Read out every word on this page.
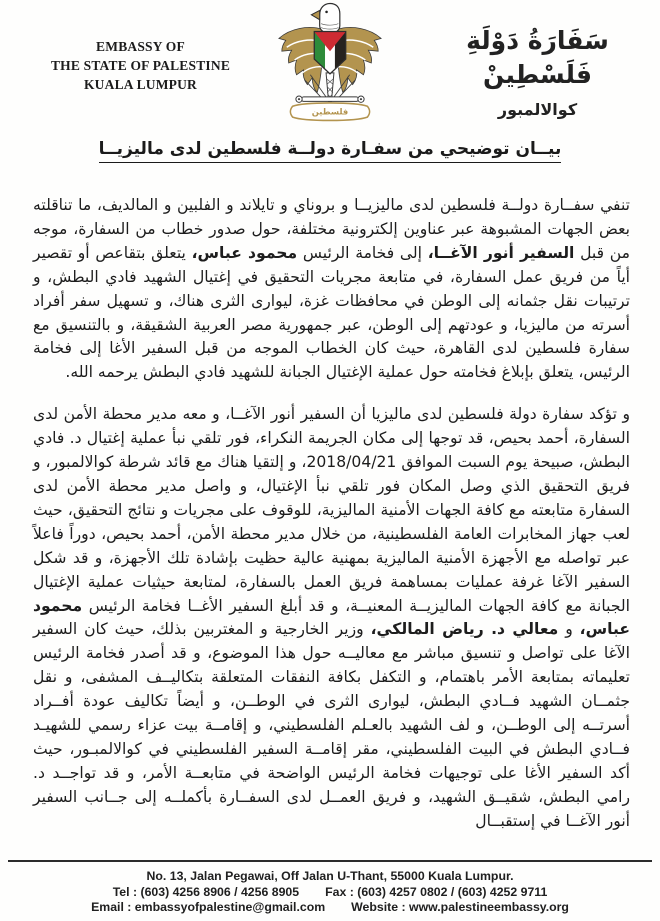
EMBASSY OF
THE STATE OF PALESTINE
KUALA LUMPUR
فلسطين
سَفَارَةُ دَوْلَةِ فَلَسْطِينْ
كوالالمبور
بيــان توضيحي من سفـارة دولــة فلسطين لدى ماليزيــا

تنفي سفــارة دولــة فلسطين لدى ماليزيــا و بروناي و تايلاند و الفلبين و المالديف، ما تناقلته بعض الجهات المشبوهة عبر عناوين إلكترونية مختلفة، حول صدور خطاب من السفارة، موجه من قبل السفير أنور الآغــا، إلى فخامة الرئيس محمود عباس، يتعلق بتقاعص أو تقصير أياً من فريق عمل السفارة، في متابعة مجريات التحقيق في إغتيال الشهيد فادي البطش، و ترتيبات نقل جثمانه إلى الوطن في محافظات غزة، ليوارى الثرى هناك، و تسهيل سفر أفراد أسرته من ماليزيا، و عودتهم إلى الوطن، عبر جمهورية مصر العربية الشقيقة، و بالتنسيق مع سفارة فلسطين لدى القاهرة، حيث كان الخطاب الموجه من قبل السفير الأغا إلى فخامة الرئيس، يتعلق بإبلاغ فخامته حول عملية الإغتيال الجبانة للشهيد فادي البطش يرحمه الله.

و تؤكد سفارة دولة فلسطين لدى ماليزيا أن السفير أنور الآغــا، و معه مدير محطة الأمن لدى السفارة، أحمد بحيص، قد توجها إلى مكان الجريمة النكراء، فور تلقي نبأ عملية إغتيال د. فادي البطش، صبيحة يوم السبت الموافق 2018/04/21، و إلتقيا هناك مع قائد شرطة كوالالمبور، و فريق التحقيق الذي وصل المكان فور تلقي نبأ الإغتيال، و واصل مدير محطة الأمن لدى السفارة متابعته مع كافة الجهات الأمنية الماليزية، للوقوف على مجريات و نتائج التحقيق، حيث لعب جهاز المخابرات العامة الفلسطينية، من خلال مدير محطة الأمن، أحمد بحيص، دوراً فاعلاً عبر تواصله مع الأجهزة الأمنية الماليزية بمهنية عالية حظيت بإشادة تلك الأجهزة، و قد شكل السفير الآغا غرفة عمليات بمساهمة فريق العمل بالسفارة، لمتابعة حيثيات عملية الإغتيال الجبانة مع كافة الجهات الماليزيــة المعنيــة، و قد أبلغ السفير الأغــا فخامة الرئيس محمود عباس، و معالي د. رياض المالكي، وزير الخارجية و المغتربين بذلك، حيث كان السفير الآغا على تواصل و تنسيق مباشر مع معاليــه حول هذا الموضوع، و قد أصدر فخامة الرئيس تعليماته بمتابعة الأمر باهتمام، و التكفل بكافة النفقات المتعلقة بتكاليــف المشفى، و نقل جثمــان الشهيد فــادي البطش، ليوارى الثرى في الوطــن، و أيضاً تكاليف عودة أفــراد أسرتــه إلى الوطــن، و لف الشهيد بالعـلم الفلسطيني، و إقامــة بيت عزاء رسمي للشهيـد فــادي البطش في البيت الفلسطيني، مقر إقامــة السفير الفلسطيني في كوالالمبـور، حيث أكد السفير الأغا على توجيهات فخامة الرئيس الواضحة في متابعــة الأمر، و قد تواجــد د. رامي البطش، شقيــق الشهيد، و فريق العمــل لدى السفــارة بأكملــه إلى جــانب السفير أنور الآغــا في إستقبــال

No. 13, Jalan Pegawai, Off Jalan U-Thant, 55000 Kuala Lumpur.
Tel : (603) 4256 8906 / 4256 8905 Fax : (603) 4257 0802 / (603) 4252 9711
Email : embassyofpalestine@gmail.com Website : www.palestineembassy.org
